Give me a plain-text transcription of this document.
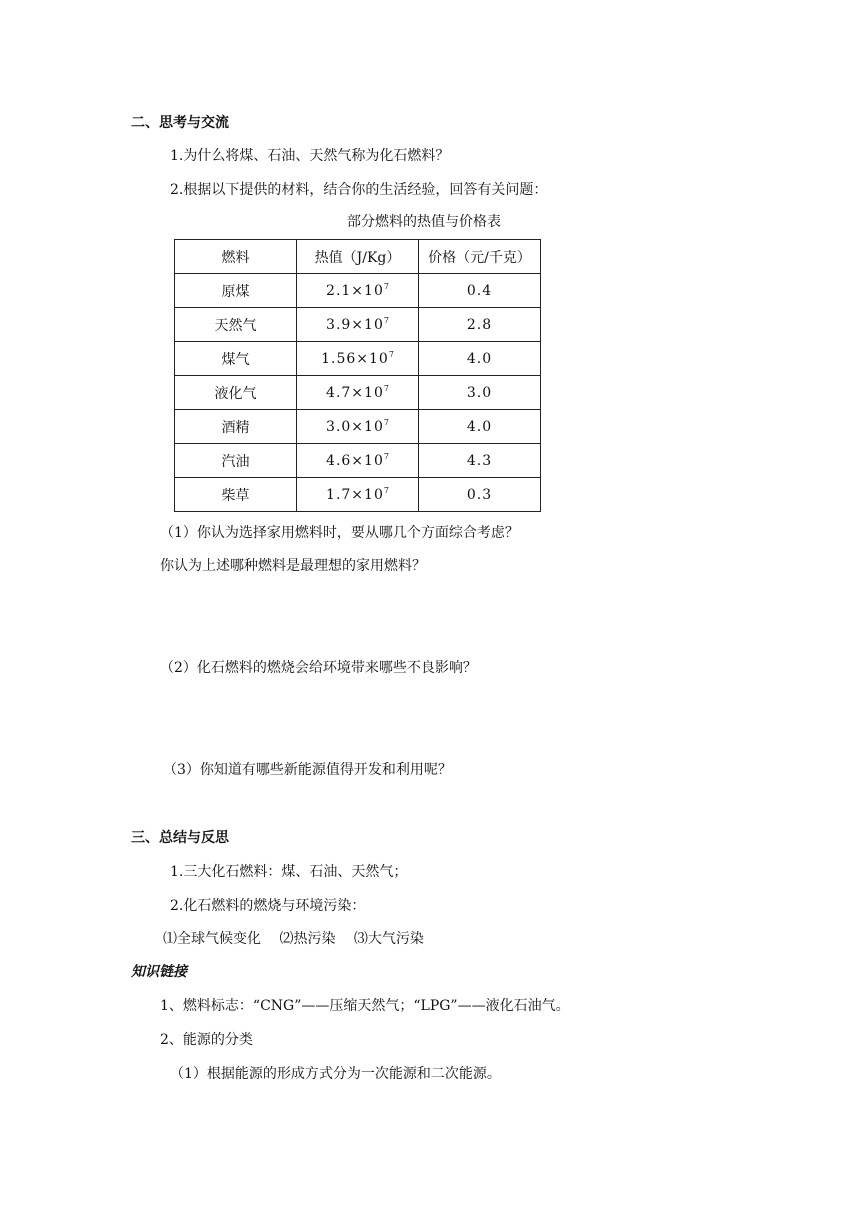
二、思考与交流
1.为什么将煤、石油、天然气称为化石燃料？
2.根据以下提供的材料，结合你的生活经验，回答有关问题：
部分燃料的热值与价格表
燃料	热值（J/Kg）	价格（元/千克）
原煤	$2.1\times 10^7$	0.4
天然气	$3.9\times 10^7$	2.8
煤气	$1.56\times 10^7$	4.0
液化气	$4.7\times 10^7$	3.0
酒精	$3.0\times 10^7$	4.0
汽油	$4.6\times 10^7$	4.3
柴草	$1.7\times 10^7$	0.3
（1）你认为选择家用燃料时，要从哪几个方面综合考虑？
你认为上述哪种燃料是最理想的家用燃料？
（2）化石燃料的燃烧会给环境带来哪些不良影响？
（3）你知道有哪些新能源值得开发和利用呢？
三、总结与反思
1.三大化石燃料：煤、石油、天然气；
2.化石燃料的燃烧与环境污染：
⑴全球气候变化　 ⑵热污染　 ⑶大气污染
知识链接
1、燃料标志：“CNG”——压缩天然气；“LPG”——液化石油气。
2、能源的分类
（1）根据能源的形成方式分为一次能源和二次能源。
